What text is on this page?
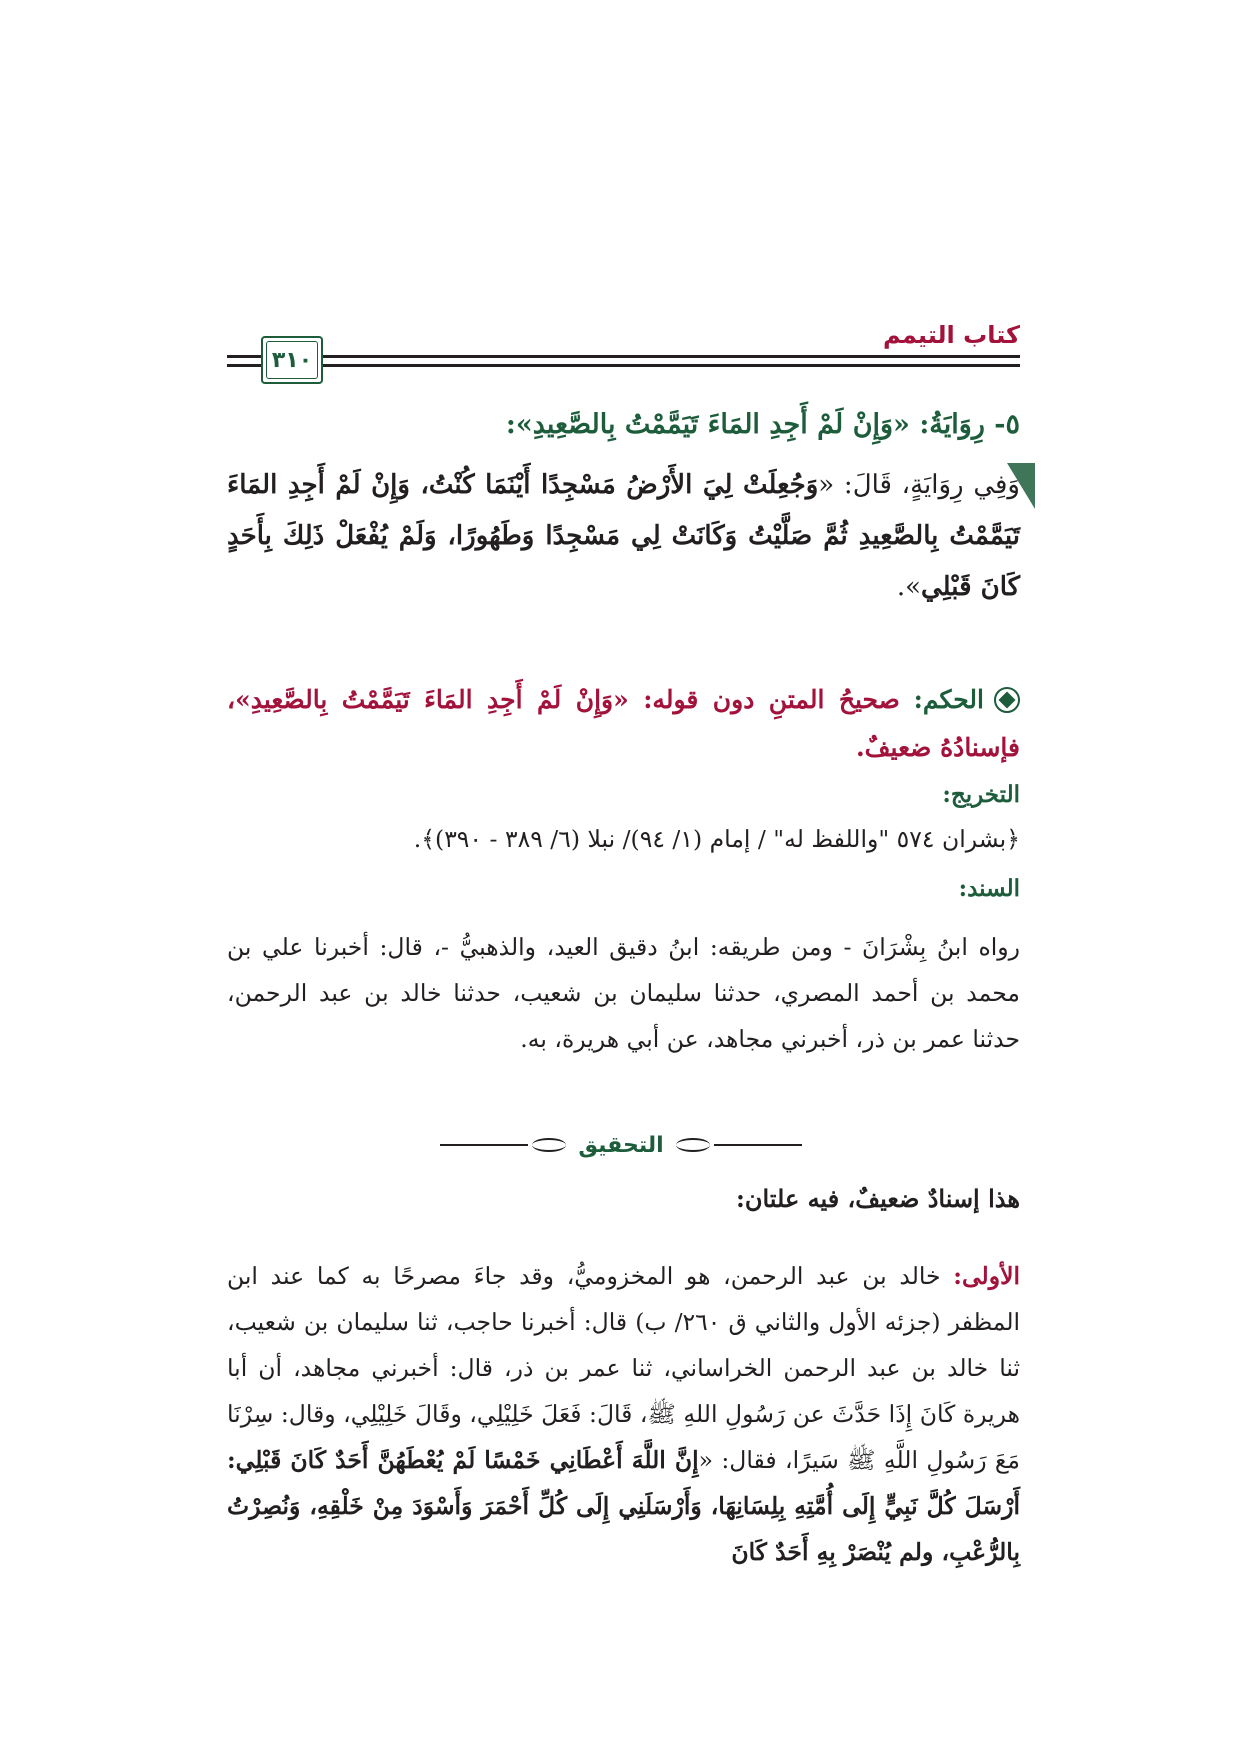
كتاب التيمم
٣١٠
٥- رِوَايَةُ: «وَإِنْ لَمْ أَجِدِ المَاءَ تَيَمَّمْتُ بِالصَّعِيدِ»:
وَفِي رِوَايَةٍ، قَالَ: «وَجُعِلَتْ لِيَ الأَرْضُ مَسْجِدًا أَيْنَمَا كُنْتُ، وَإِنْ لَمْ أَجِدِ المَاءَ تَيَمَّمْتُ بِالصَّعِيدِ ثُمَّ صَلَّيْتُ وَكَانَتْ لِي مَسْجِدًا وَطَهُورًا، وَلَمْ يُفْعَلْ ذَلِكَ بِأَحَدٍ كَانَ قَبْلِي».
الحكم: صحيحُ المتنِ دون قوله: «وَإِنْ لَمْ أَجِدِ المَاءَ تَيَمَّمْتُ بِالصَّعِيدِ»، فإسنادُهُ ضعيفٌ.
التخريج:
﴿بشران ٥٧٤ "واللفظ له" / إمام (١/ ٩٤)/ نبلا (٦/ ٣٨٩ - ٣٩٠)﴾.
السند:
رواه ابنُ بِشْرَانَ - ومن طريقه: ابنُ دقيق العيد، والذهبيُّ -، قال: أخبرنا علي بن محمد بن أحمد المصري، حدثنا سليمان بن شعيب، حدثنا خالد بن عبد الرحمن، حدثنا عمر بن ذر، أخبرني مجاهد، عن أبي هريرة، به.
التحقيق
هذا إسنادٌ ضعيفٌ، فيه علتان:
الأولى: خالد بن عبد الرحمن، هو المخزوميُّ، وقد جاءَ مصرحًا به كما عند ابن المظفر (جزئه الأول والثاني ق ٢٦٠/ ب) قال: أخبرنا حاجب، ثنا سليمان بن شعيب، ثنا خالد بن عبد الرحمن الخراساني، ثنا عمر بن ذر، قال: أخبرني مجاهد، أن أبا هريرة كَانَ إِذَا حَدَّثَ عن رَسُولِ اللهِ ﷺ، قَالَ: فَعَلَ خَلِيْلِي، وقَالَ خَلِيْلِي، وقال: سِرْنَا مَعَ رَسُولِ اللَّهِ ﷺ سَيرًا، فقال: «إِنَّ اللَّهَ أَعْطَانِي خَمْسًا لَمْ يُعْطَهُنَّ أَحَدٌ كَانَ قَبْلِي: أَرْسَلَ كُلَّ نَبِيٍّ إِلَى أُمَّتِهِ بِلِسَانِهَا، وَأَرْسَلَنِي إِلَى كُلِّ أَحْمَرَ وَأَسْوَدَ مِنْ خَلْقِهِ، وَنُصِرْتُ بِالرُّعْبِ، ولم يُنْصَرْ بِهِ أَحَدٌ كَانَ
